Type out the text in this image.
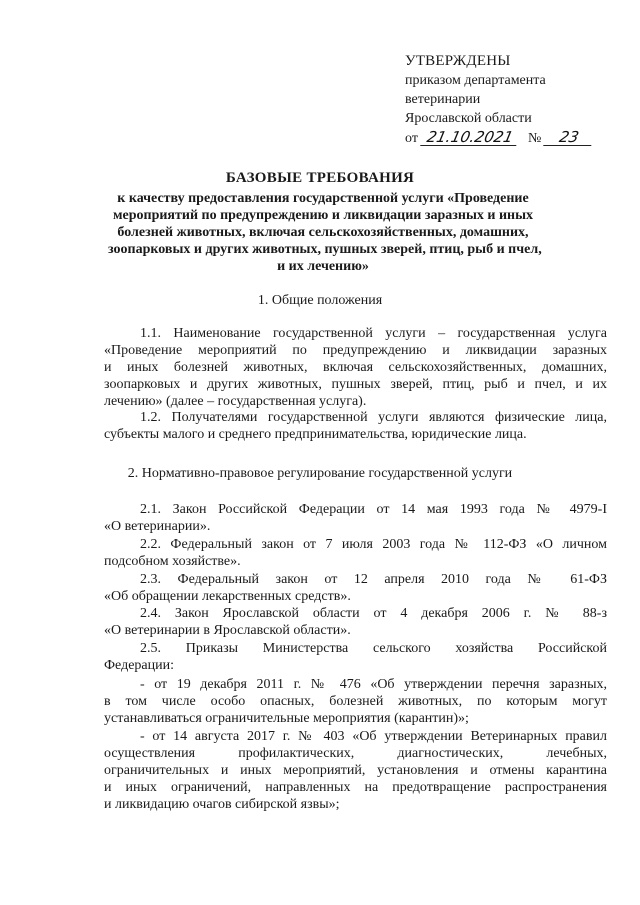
УТВЕРЖДЕНЫ
приказом департамента
ветеринарии
Ярославской области
от 21.10.2021 № 23
БАЗОВЫЕ ТРЕБОВАНИЯ
к качеству предоставления государственной услуги «Проведение
мероприятий по предупреждению и ликвидации заразных и иных
болезней животных, включая сельскохозяйственных, домашних,
зоопарковых и других животных, пушных зверей, птиц, рыб и пчел,
и их лечению»
1. Общие положения
1.1. Наименование государственной услуги – государственная услуга
«Проведение мероприятий по предупреждению и ликвидации заразных
и иных болезней животных, включая сельскохозяйственных, домашних,
зоопарковых и других животных, пушных зверей, птиц, рыб и пчел, и их
лечению» (далее – государственная услуга).
1.2. Получателями государственной услуги являются физические лица,
субъекты малого и среднего предпринимательства, юридические лица.
2. Нормативно-правовое регулирование государственной услуги
2.1. Закон Российской Федерации от 14 мая 1993 года № 4979-I
«О ветеринарии».
2.2. Федеральный закон от 7 июля 2003 года № 112-ФЗ «О личном
подсобном хозяйстве».
2.3. Федеральный закон от 12 апреля 2010 года № 61-ФЗ
«Об обращении лекарственных средств».
2.4. Закон Ярославской области от 4 декабря 2006 г. № 88-з
«О ветеринарии в Ярославской области».
2.5. Приказы Министерства сельского хозяйства Российской
Федерации:
- от 19 декабря 2011 г. № 476 «Об утверждении перечня заразных,
в том числе особо опасных, болезней животных, по которым могут
устанавливаться ограничительные мероприятия (карантин)»;
- от 14 августа 2017 г. № 403 «Об утверждении Ветеринарных правил
осуществления профилактических, диагностических, лечебных,
ограничительных и иных мероприятий, установления и отмены карантина
и иных ограничений, направленных на предотвращение распространения
и ликвидацию очагов сибирской язвы»;
